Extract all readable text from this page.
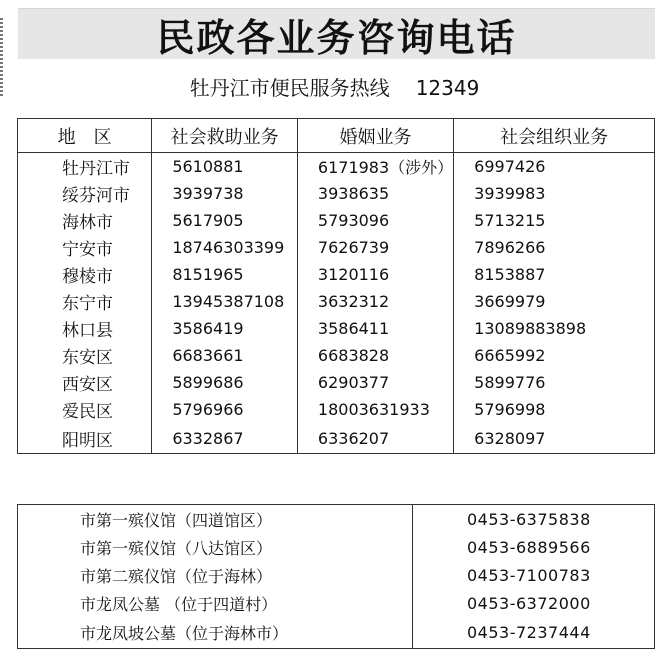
民政各业务咨询电话
牡丹江市便民服务热线 12349
地　区	社会救助业务	婚姻业务	社会组织业务
牡丹江市	5610881	6171983（涉外）	6997426
绥芬河市	3939738	3938635	3939983
海林市	5617905	5793096	5713215
宁安市	18746303399	7626739	7896266
穆棱市	8151965	3120116	8153887
东宁市	13945387108	3632312	3669979
林口县	3586419	3586411	13089883898
东安区	6683661	6683828	6665992
西安区	5899686	6290377	5899776
爱民区	5796966	18003631933	5796998
阳明区	6332867	6336207	6328097
市第一殡仪馆（四道馆区）	0453-6375838
市第一殡仪馆（八达馆区）	0453-6889566
市第二殡仪馆（位于海林）	0453-7100783
市龙凤公墓 （位于四道村）	0453-6372000
市龙凤坡公墓（位于海林市）	0453-7237444
